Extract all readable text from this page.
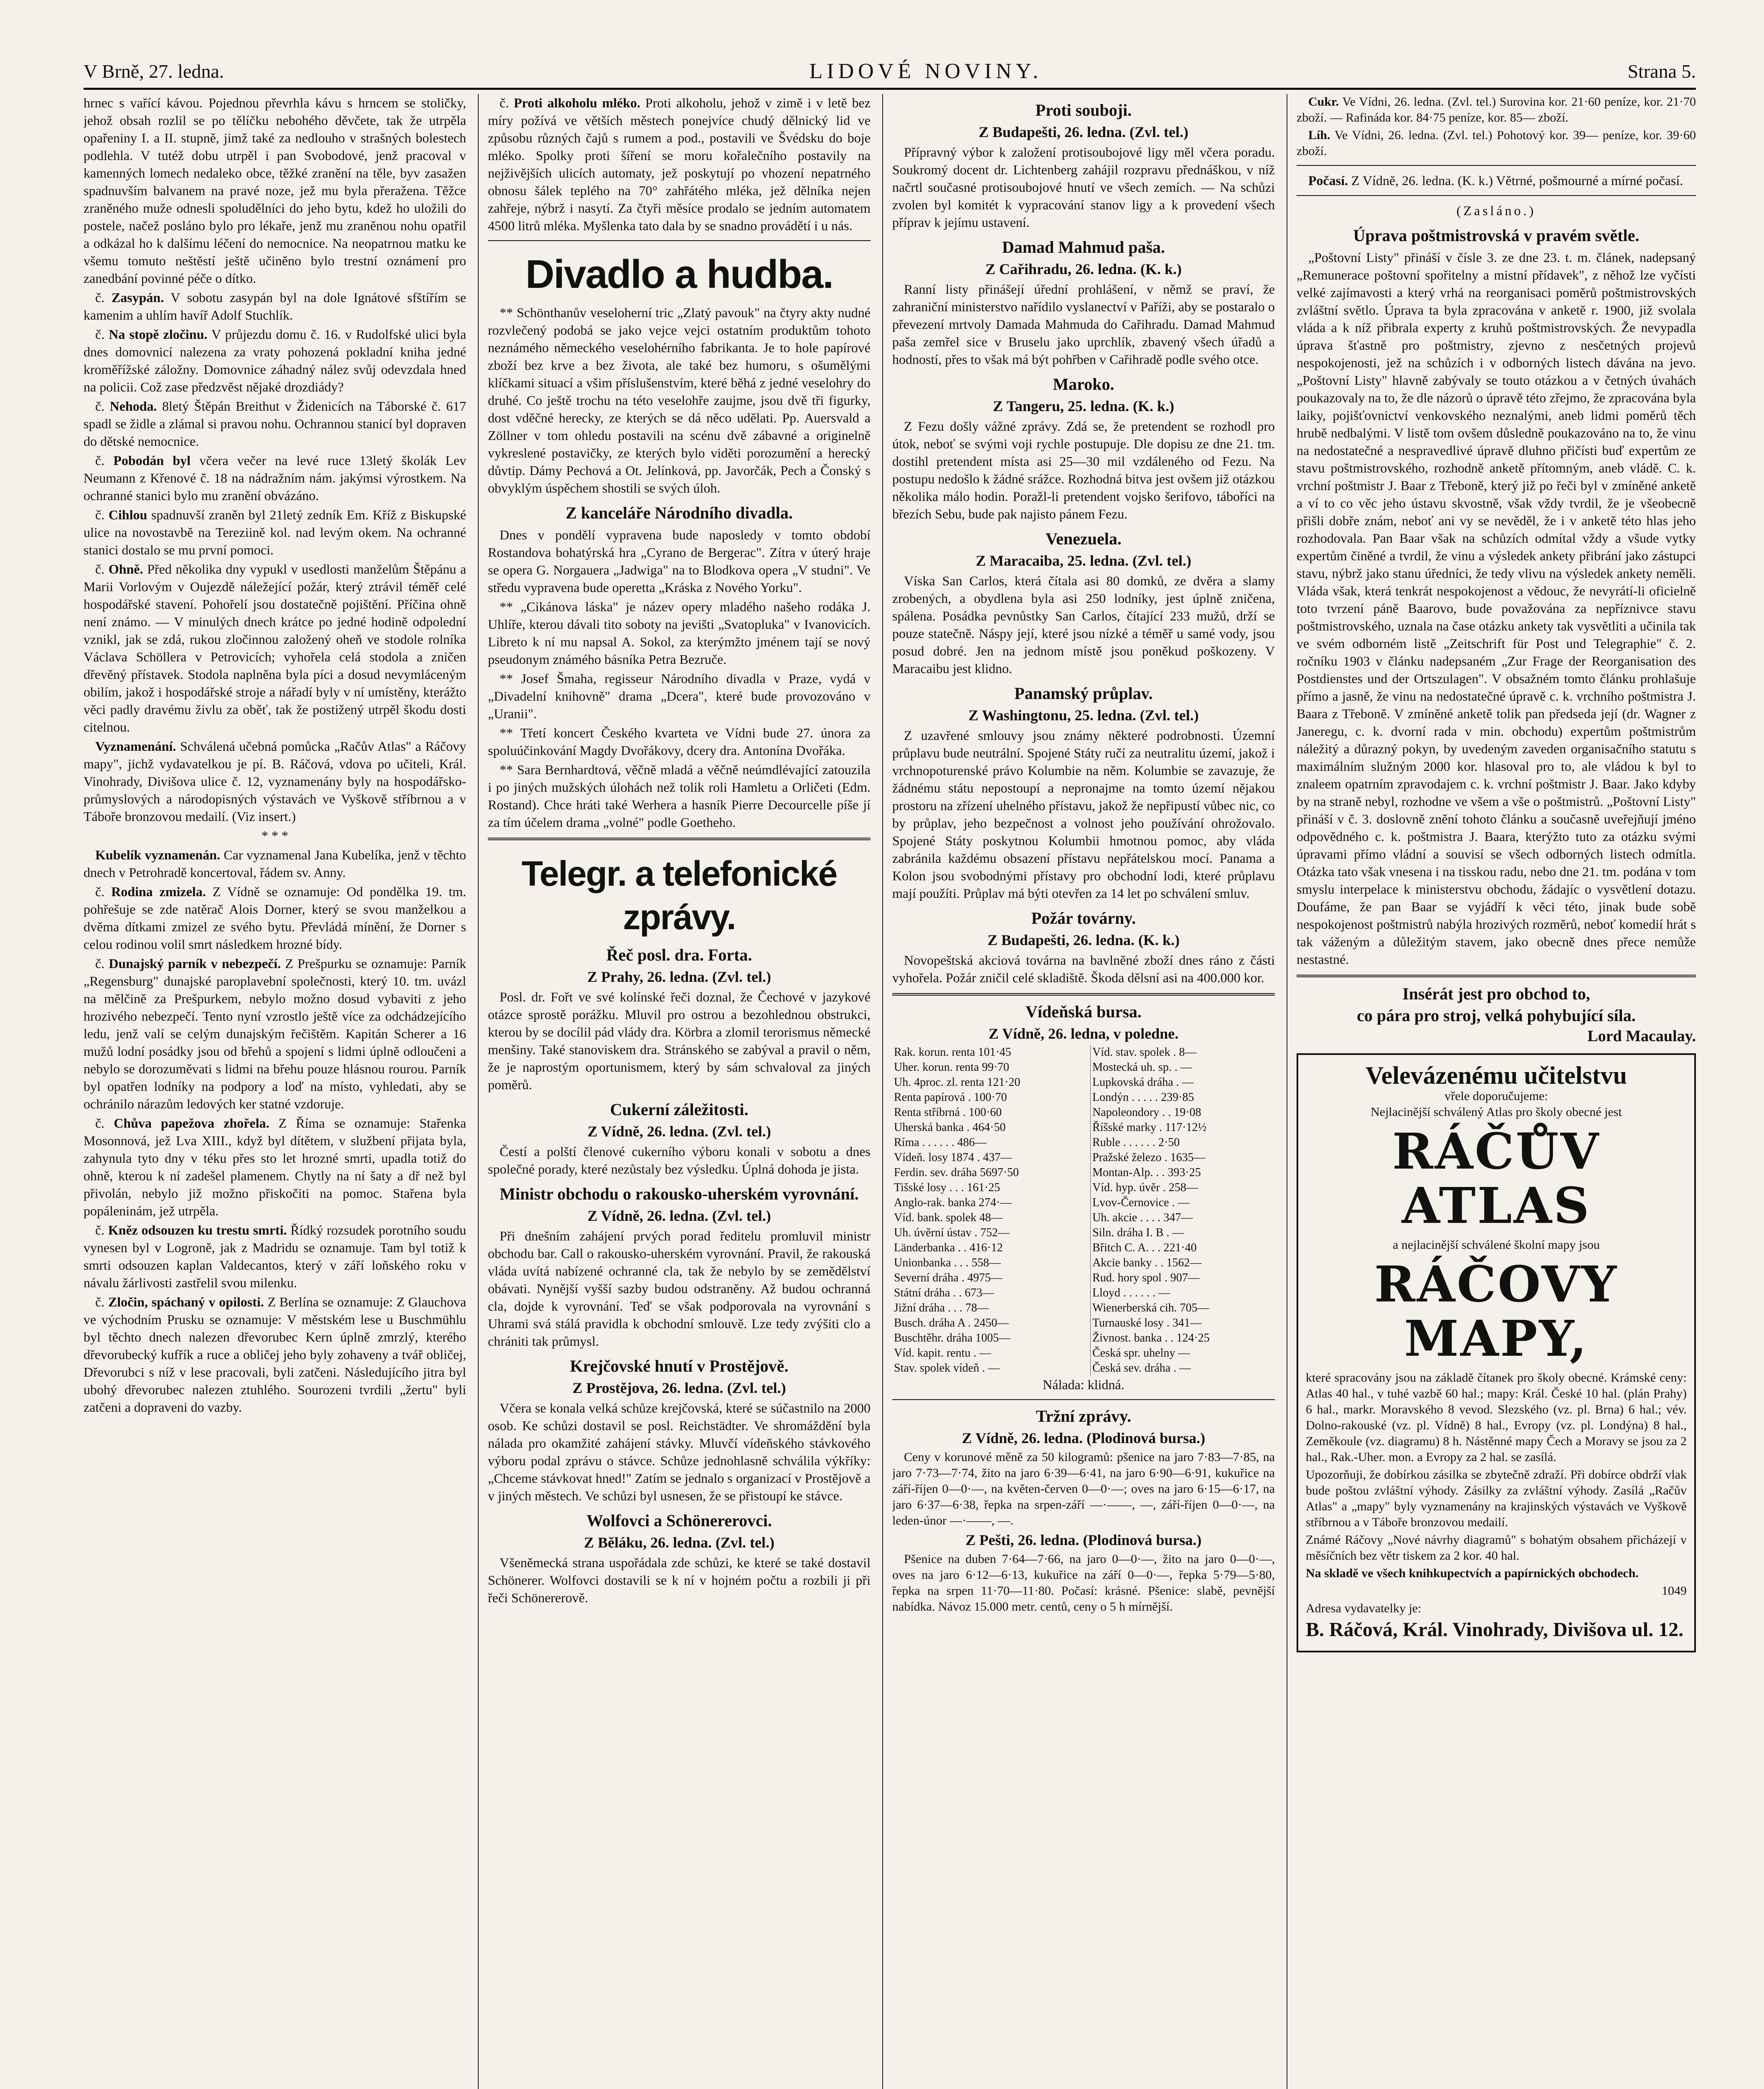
V Brně, 27. ledna.	LIDOVÉ NOVINY.	Strana 5.

hrnec s vařící kávou. Pojednou převrhla kávu s hrncem se stoličky, jehož obsah rozlil se po tělíčku nebohého děvčete, tak že utrpěla opařeniny I. a II. stupně, jimž také za nedlouho v strašných bolestech podlehla. V tutéž dobu utrpěl i pan Svobodové, jenž pracoval v kamenných lomech nedaleko obce, těžké zranění na těle, byv zasažen spadnuvším balvanem na pravé noze, jež mu byla přeražena. Těžce zraněného muže odnesli spoludělníci do jeho bytu, kdež ho uložili do postele, načež posláno bylo pro lékaře, jenž mu zraněnou nohu opatřil a odkázal ho k dalšímu léčení do nemocnice. Na neopatrnou matku ke všemu tomuto neštěstí ještě učiněno bylo trestní oznámení pro zanedbání povinné péče o dítko.

č. Zasypán. V sobotu zasypán byl na dole Ignátové sfštířím se kamenim a uhlím havíř Adolf Stuchlík.

č. Na stopě zločinu. V průjezdu domu č. 16. v Rudolfské ulici byla dnes domovnicí nalezena za vraty pohozená pokladní kniha jedné kroměřížské záložny. Domovnice záhadný nález svůj odevzdala hned na policii. Což zase předzvěst nějaké drozdiády?

č. Nehoda. 8letý Štěpán Breithut v Židenicích na Táborské č. 617 spadl se židle a zlámal si pravou nohu. Ochrannou stanicí byl dopraven do dětské nemocnice.

č. Pobodán byl včera večer na levé ruce 13letý školák Lev Neumann z Křenové č. 18 na nádražním nám. jakýmsi výrostkem. Na ochranné stanici bylo mu zranění obvázáno.

č. Cihlou spadnuvší zraněn byl 21letý zedník Em. Kříž z Biskupské ulice na novostavbě na Tereziině kol. nad levým okem. Na ochranné stanici dostalo se mu první pomoci.

č. Ohně. Před několika dny vypukl v usedlosti manželům Štěpánu a Marii Vorlovým v Oujezdě náležející požár, který ztrávil téměř celé hospodářské stavení. Pohořelí jsou dostatečně pojištění. Příčina ohně není známo. — V minulých dnech krátce po jedné hodině odpolední vznikl, jak se zdá, rukou zločinnou založený oheň ve stodole rolníka Václava Schöllera v Petrovicích; vyhořela celá stodola a zničen dřevěný přístavek. Stodola naplněna byla píci a dosud nevymláceným obilím, jakož i hospodářské stroje a nářadí byly v ní umístěny, kterážto věci padly dravému živlu za oběť, tak že postižený utrpěl škodu dosti citelnou.

Vyznamenání. Schválená učebná pomůcka „Račův Atlas" a Ráčovy mapy", jichž vydavatelkou je pí. B. Ráčová, vdova po učiteli, Král. Vinohrady, Divišova ulice č. 12, vyznamenány byly na hospodářsko-průmyslových a národopisných výstavách ve Vyškově stříbrnou a v Táboře bronzovou medailí. (Viz insert.)

* * *

Kubelík vyznamenán. Car vyznamenal Jana Kubelíka, jenž v těchto dnech v Petrohradě koncertoval, řádem sv. Anny.

č. Rodina zmizela. Z Vídně se oznamuje: Od pondělka 19. tm. pohřešuje se zde natěrač Alois Dorner, který se svou manželkou a dvěma dítkami zmizel ze svého bytu. Převládá mínění, že Dorner s celou rodinou volil smrt následkem hrozné bídy.

č. Dunajský parník v nebezpečí. Z Prešpurku se oznamuje: Parník „Regensburg" dunajské paroplavební společnosti, který 10. tm. uvázl na mělčině za Prešpurkem, nebylo možno dosud vybaviti z jeho hrozivého nebezpečí. Tento nyní vzrostlo ještě více za odchádzejícího ledu, jenž valí se celým dunajským řečištěm. Kapitán Scherer a 16 mužů lodní posádky jsou od břehů a spojení s lidmi úplně odloučeni a nebylo se dorozuměvati s lidmi na břehu pouze hlásnou rourou. Parník byl opatřen lodníky na podpory a loď na místo, vyhledati, aby se ochránilo nárazům ledových ker statné vzdoruje.

č. Chůva papežova zhořela. Z Říma se oznamuje: Stařenka Mosonnová, jež Lva XIII., když byl dítětem, v službení přijata byla, zahynula tyto dny v téku přes sto let hrozné smrti, upadla totiž do ohně, kterou k ní zadešel plamenem. Chytly na ní šaty a dř než byl přivolán, nebylo již možno přiskočiti na pomoc. Stařena byla popáleninám, jež utrpěla.

č. Kněz odsouzen ku trestu smrti. Řídký rozsudek porotního soudu vynesen byl v Logroně, jak z Madridu se oznamuje. Tam byl totiž k smrti odsouzen kaplan Valdecantos, který v září loňského roku v návalu žárlivosti zastřelil svou milenku.

č. Zločin, spáchaný v opilosti. Z Berlína se oznamuje: Z Glauchova ve východním Prusku se oznamuje: V městském lese u Buschmühlu byl těchto dnech nalezen dřevorubec Kern úplně zmrzlý, kterého dřevorubecký kufřík a ruce a obličej jeho byly zohaveny a tvář obličej, Dřevorubci s níž v lese pracovali, byli zatčeni. Následujícího jitra byl ubohý dřevorubec nalezen ztuhlého. Sourozeni tvrdili „žertu" byli zatčeni a dopraveni do vazby.

č. Proti alkoholu mléko. Proti alkoholu, jehož v zimě i v letě bez míry požívá ve větších městech ponejvíce chudý dělnický lid ve způsobu různých čajů s rumem a pod., postavili ve Švédsku do boje mléko. Spolky proti šíření se moru kořalečního postavily na nejživějších ulicích automaty, jež poskytují po vhození nepatrného obnosu šálek teplého na 70° zahřátého mléka, jež dělníka nejen zahřeje, nýbrž i nasytí. Za čtyři měsíce prodalo se jedním automatem 4500 litrů mléka. Myšlenka tato dala by se snadno provádětí i u nás.

Divadlo a hudba.

** Schönthanův veseloherní tric „Zlatý pavouk" na čtyry akty nudné rozvlečený podobá se jako vejce vejci ostatním produktům tohoto neznámého německého veselohérního fabrikanta. Je to hole papírové zboží bez krve a bez života, ale také bez humoru, s ošumělými klíčkami situací a všim příslušenstvím, které běhá z jedné veselohry do druhé. Co ještě trochu na této veselohře zaujme, jsou dvě tři figurky, dost vděčné herecky, ze kterých se dá něco udělati. Pp. Auersvald a Zöllner v tom ohledu postavili na scénu dvě zábavné a originelně vykreslené postavičky, ze kterých bylo viděti porozumění a herecký důvtip. Dámy Pechová a Ot. Jelínková, pp. Javorčák, Pech a Čonský s obvyklým úspěchem shostili se svých úloh.

Z kanceláře Národního divadla.

Dnes v pondělí vypravena bude naposledy v tomto období Rostandova bohatýrská hra „Cyrano de Bergerac". Zítra v úterý hraje se opera G. Norgauera „Jadwiga" na to Blodkova opera „V studni". Ve středu vypravena bude operetta „Kráska z Nového Yorku".

** „Cikánova láska" je název opery mladého našeho rodáka J. Uhlíře, kterou dávali tito soboty na jevišti „Svatopluka" v Ivanovicích. Libreto k ní mu napsal A. Sokol, za kterýmžto jménem tají se nový pseudonym známého básníka Petra Bezruče.

** Josef Šmaha, regisseur Národního divadla v Praze, vydá v „Divadelní knihovně" drama „Dcera", které bude provozováno v „Uranii".

** Třetí koncert Českého kvarteta ve Vídni bude 27. února za spoluúčinkování Magdy Dvořákovy, dcery dra. Antonína Dvořáka.

** Sara Bernhardtová, věčně mladá a věčně neúmdlévající zatouzila i po jiných mužských úlohách než tolik roli Hamletu a Orličeti (Edm. Rostand). Chce hráti také Werhera a hasník Pierre Decourcelle píše jí za tím účelem drama „volné" podle Goetheho.

Telegr. a telefonické zprávy.
Řeč posl. dra. Forta.
Z Prahy, 26. ledna. (Zvl. tel.)

Posl. dr. Fořt ve své kolínské řeči doznal, že Čechové v jazykové otázce sprostě porážku. Mluvil pro ostrou a bezohlednou obstrukci, kterou by se docílil pád vlády dra. Körbra a zlomil terorismus německé menšiny. Také stanoviskem dra. Stránského se zabýval a pravil o něm, že je naprostým oportunismem, který by sám schvaloval za jiných poměrů.

Cukerní záležitosti.
Z Vídně, 26. ledna. (Zvl. tel.)

Čestí a polští členové cukerního výboru konali v sobotu a dnes společné porady, které nezůstaly bez výsledku. Úplná dohoda je jista.

Ministr obchodu o rakousko-uherském vyrovnání.
Z Vídně, 26. ledna. (Zvl. tel.)

Při dnešním zahájení prvých porad ředitelu promluvil ministr obchodu bar. Call o rakousko-uherském vyrovnání. Pravil, že rakouská vláda uvítá nabízené ochranné cla, tak že nebylo by se zemědělství obávati. Nynější vyšší sazby budou odstraněny. Až budou ochranná cla, dojde k vyrovnání. Teď se však podporovala na vyrovnání s Uhrami svá stálá pravidla k obchodní smlouvě. Lze tedy zvýšiti clo a chrániti tak průmysl.

Krejčovské hnutí v Prostějově.
Z Prostějova, 26. ledna. (Zvl. tel.)

Včera se konala velká schůze krejčovská, které se súčastnilo na 2000 osob. Ke schůzi dostavil se posl. Reichstädter. Ve shromáždění byla nálada pro okamžité zahájení stávky. Mluvčí vídeňského stávkového výboru podal zprávu o stávce. Schůze jednohlasně schválila výkříky: „Chceme stávkovat hned!" Zatím se jednalo s organizací v Prostějově a v jiných městech. Ve schůzi byl usnesen, že se přistoupí ke stávce.

Wolfovci a Schönererovci.
Z Běláku, 26. ledna. (Zvl. tel.)

Všeněmecká strana uspořádala zde schůzi, ke které se také dostavil Schönerer. Wolfovci dostavili se k ní v hojném počtu a rozbili ji při řeči Schönererově.

Proti souboji.
Z Budapešti, 26. ledna. (Zvl. tel.)

Přípravný výbor k založení protisoubojové ligy měl včera poradu. Soukromý docent dr. Lichtenberg zahájil rozpravu přednáškou, v níž načrtl současné protisoubojové hnutí ve všech zemích. — Na schůzi zvolen byl komitét k vypracování stanov ligy a k provedení všech příprav k jejímu ustavení.

Damad Mahmud paša.
Z Cařihradu, 26. ledna. (K. k.)

Ranní listy přinášejí úřední prohlášení, v němž se praví, že zahraniční ministerstvo nařídilo vyslanectví v Paříži, aby se postaralo o převezení mrtvoly Damada Mahmuda do Cařihradu. Damad Mahmud paša zemřel sice v Bruselu jako uprchlík, zbavený všech úřadů a hodností, přes to však má být pohřben v Cařihradě podle svého otce.

Maroko.
Z Tangeru, 25. ledna. (K. k.)

Z Fezu došly vážné zprávy. Zdá se, že pretendent se rozhodl pro útok, neboť se svými voji rychle postupuje. Dle dopisu ze dne 21. tm. dostihl pretendent místa asi 25—30 mil vzdáleného od Fezu. Na postupu nedošlo k žádné srážce. Rozhodná bitva jest ovšem již otázkou několika málo hodin. Poražl-li pretendent vojsko šerifovo, táboříci na březích Sebu, bude pak najisto pánem Fezu.

Venezuela.
Z Maracaiba, 25. ledna. (Zvl. tel.)

Víska San Carlos, která čítala asi 80 domků, ze dvěra a slamy zrobených, a obydlena byla asi 250 lodníky, jest úplně zničena, spálena. Posádka pevnůstky San Carlos, čítající 233 mužů, drží se pouze statečně. Náspy její, které jsou nízké a téměř u samé vody, jsou posud dobré. Jen na jednom místě jsou poněkud poškozeny. V Maracaibu jest klidno.

Panamský průplav.
Z Washingtonu, 25. ledna. (Zvl. tel.)

Z uzavřené smlouvy jsou známy některé podrobnosti. Územní průplavu bude neutrální. Spojené Státy ručí za neutralitu území, jakož i vrchnopoturenské právo Kolumbie na něm. Kolumbie se zavazuje, že žádnému státu nepostoupí a nepronajme na tomto území nějakou prostoru na zřízení uhelného přístavu, jakož že nepřipustí vůbec nic, co by průplav, jeho bezpečnost a volnost jeho používání ohrožovalo. Spojené Státy poskytnou Kolumbii hmotnou pomoc, aby vláda zabránila každému obsazení přístavu nepřátelskou mocí. Panama a Kolon jsou svobodnými přístavy pro obchodní lodi, které průplavu mají použíti. Průplav má býti otevřen za 14 let po schválení smluv.

Požár továrny.
Z Budapešti, 26. ledna. (K. k.)

Novopeštská akciová továrna na bavlněné zboží dnes ráno z části vyhořela. Požár zničil celé skladiště. Škoda dělsní asi na 400.000 kor.

Vídeňská bursa.
Z Vídně, 26. ledna, v poledne.
Rak. korun. renta 101·45	Víd. stav. spolek . 8—
Uher. korun. renta 99·70	Mostecká uh. sp. . —
Uh. 4proc. zl. renta 121·20	Lupkovská dráha . —
Renta papírová . 100·70	Londýn . . . . . 239·85
Renta stříbrná . 100·60	Napoleondory . . 19·08
Uherská banka . 464·50	Říšské marky . 117·12½
Ríma . . . . . . 486—	Ruble . . . . . . 2·50
Vídeň. losy 1874 . 437—	Pražské železo . 1635—
Ferdin. sev. dráha 5697·50	Montan-Alp. . . 393·25
Tišské losy . . . 161·25	Víd. hyp. úvěr . 258—
Anglo-rak. banka 274·—	Lvov-Černovice . —
Víd. bank. spolek 48—	Uh. akcie . . . . 347—
Uh. úvěrní ústav . 752—	Siln. dráha I. B . —
Länderbanka . . 416·12	Břitch C. A. . . 221·40
Unionbanka . . . 558—	Akcie banky . . 1562—
Severní dráha . 4975—	Rud. hory spol . 907—
Státní dráha . . 673—	Lloyd . . . . . . —
Jižní dráha . . . 78—	Wienerberská cih. 705—
Busch. dráha A . 2450—	Turnauské losy . 341—
Buschtěhr. dráha 1005—	Živnost. banka . . 124·25
Víd. kapit. rentu . —	Česká spr. uhelny —
Stav. spolek vídeň . —	Česká sev. dráha . —

Nálada: klidná.

Tržní zprávy.
Z Vídně, 26. ledna. (Plodinová bursa.)

Ceny v korunové měně za 50 kilogramů: pšenice na jaro 7·83—7·85, na jaro 7·73—7·74, žito na jaro 6·39—6·41, na jaro 6·90—6·91, kukuřice na září-říjen 0—0·—, na květen-červen 0—0·—; oves na jaro 6·15—6·17, na jaro 6·37—6·38, řepka na srpen-září —·——, —, září-říjen 0—0·—, na leden-únor —·——, —.

Z Pešti, 26. ledna. (Plodinová bursa.)

Pšenice na duben 7·64—7·66, na jaro 0—0·—, žito na jaro 0—0·—, oves na jaro 6·12—6·13, kukuřice na září 0—0·—, řepka 5·79—5·80, řepka na srpen 11·70—11·80. Počasí: krásné. Pšenice: slabě, pevnější nabídka. Návoz 15.000 metr. centů, ceny o 5 h mírnější.

Cukr. Ve Vídni, 26. ledna. (Zvl. tel.) Surovina kor. 21·60 peníze, kor. 21·70 zboží. — Rafináda kor. 84·75 peníze, kor. 85— zboží.

Líh. Ve Vídni, 26. ledna. (Zvl. tel.) Pohotový kor. 39— peníze, kor. 39·60 zboží.

Počasí. Z Vídně, 26. ledna. (K. k.) Větrné, pošmourné a mírné počasí.

(Zasláno.)

Úprava poštmistrovská v pravém světle.

„Poštovní Listy" přináší v čísle 3. ze dne 23. t. m. článek, nadepsaný „Remunerace poštovní spořitelny a mistní přídavek", z něhož lze vyčísti velké zajímavosti a který vrhá na reorganisaci poměrů poštmistrovských zvláštní světlo. Úprava ta byla zpracována v anketě r. 1900, již svolala vláda a k níž přibrala experty z kruhů poštmistrovských. Že nevypadla úprava šťastně pro poštmistry, zjevno z nesčetných projevů nespokojenosti, jež na schůzích i v odborných listech dávána na jevo. „Poštovní Listy" hlavně zabývaly se touto otázkou a v četných úvahách poukazovaly na to, že dle názorů o úpravě této zřejmo, že zpracována byla laiky, pojišťovnictví venkovského neznalými, aneb lidmi poměrů těch hrubě nedbalými. V listě tom ovšem důsledně poukazováno na to, že vinu na nedostatečné a nespravedlivé úpravě dluhno přičísti buď expertům ze stavu poštmistrovského, rozhodně anketě přítomným, aneb vládě. C. k. vrchní poštmistr J. Baar z Třeboně, který již po řeči byl v zmíněné anketě a ví to co věc jeho ústavu skvostně, však vždy tvrdil, že je všeobecně přišli dobře znám, neboť ani vy se nevěděl, že i v anketě této hlas jeho rozhodovala. Pan Baar však na schůzích odmítal vždy a všude vytky expertům činěné a tvrdil, že vinu a výsledek ankety přibrání jako zástupci stavu, nýbrž jako stanu úředníci, že tedy vlivu na výsledek ankety neměli. Vláda však, která tenkrát nespokojenost a vědouc, že nevyrátí-li oficielně toto tvrzení páně Baarovo, bude považována za nepříznivce stavu poštmistrovského, uznala na čase otázku ankety tak vysvětliti a učinila tak ve svém odborném listě „Zeitschrift für Post und Telegraphie" č. 2. ročníku 1903 v článku nadepsaném „Zur Frage der Reorganisation des Postdienstes und der Ortszulagen". V obsažném tomto článku prohlašuje přímo a jasně, že vinu na nedostatečné úpravě c. k. vrchního poštmistra J. Baara z Třeboně. V zmíněné anketě tolik pan předseda její (dr. Wagner z Janeregu, c. k. dvorní rada v min. obchodu) expertům poštmistrům náležitý a důrazný pokyn, by uvedeným zaveden organisačního statutu s maximálním služným 2000 kor. hlasoval pro to, ale vládou k byl to znaleem opatrním zpravodajem c. k. vrchní poštmistr J. Baar. Jako kdyby by na straně nebyl, rozhodne ve všem a vše o poštmistrů. „Poštovní Listy" přináší v č. 3. doslovně znění tohoto článku a současně uveřejňují jméno odpovědného c. k. poštmistra J. Baara, kterýžto tuto za otázku svými úpravami přímo vládní a souvisí se všech odborných listech odmítla. Otázka tato však vnesena i na tisskou radu, nebo dne 21. tm. podána v tom smyslu interpelace k ministerstvu obchodu, žádajíc o vysvětlení dotazu. Doufáme, že pan Baar se vyjádří k věci této, jinak bude sobě nespokojenost poštmistrů nabýla hrozivých rozměrů, neboť komedií hrát s tak váženým a důležitým stavem, jako obecně dnes přece nemůže nestastné.

Insérát jest pro obchod to,

co pára pro stroj, velká pohybující síla.

Lord Macaulay.

Velevázenému učitelstvu
vřele doporučujeme:
Nejlacinější schválený Atlas pro školy obecné jest
RÁČŮV ATLAS
a nejlacinější schválené školní mapy jsou
RÁČOVY MAPY,

které spracovány jsou na základě čítanek pro školy obecné. Krámské ceny: Atlas 40 hal., v tuhé vazbě 60 hal.; mapy: Král. České 10 hal. (plán Prahy) 6 hal., markr. Moravského 8 vevod. Slezského (vz. pl. Brna) 6 hal.; vév. Dolno-rakouské (vz. pl. Vídně) 8 hal., Evropy (vz. pl. Londýna) 8 hal., Zeměkoule (vz. diagramu) 8 h. Nástěnné mapy Čech a Moravy se jsou za 2 hal., Rak.-Uher. mon. a Evropy za 2 hal. se zasílá.

Upozorňuji, že dobírkou zásilka se zbytečně zdraží. Při dobírce obdrží vlak bude poštou zvláštní výhody. Zásilky za zvláštní výhody. Zasílá „Račův Atlas" a „mapy" byly vyznamenány na krajinských výstavách ve Vyškově stříbrnou a v Táboře bronzovou medailí.

Známé Ráčovy „Nové návrhy diagramů" s bohatým obsahem přicházejí v měsíčních bez větr tiskem za 2 kor. 40 hal.

Na skladě ve všech knihkupectvích a papírnických obchodech.

1049

Adresa vydavatelky je:

B. Ráčová, Král. Vinohrady, Divišova ul. 12.
